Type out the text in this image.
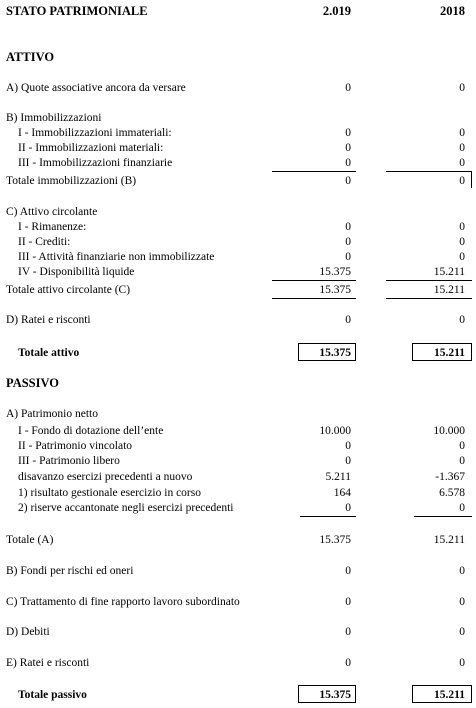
STATO PATRIMONIALE	2.019	2018
ATTIVO
A) Quote associative ancora da versare	0	0
B) Immobilizzazioni
I - Immobilizzazioni immateriali:	0	0
II - Immobilizzazioni materiali:	0	0
III - Immobilizzazioni finanziarie	0	0
Totale immobilizzazioni (B)	0	0
C) Attivo circolante
I - Rimanenze:	0	0
II - Crediti:	0	0
III - Attività finanziarie non immobilizzate	0	0
IV - Disponibilità liquide	15.375	15.211
Totale attivo circolante (C)	15.375	15.211
D) Ratei e risconti	0	0
Totale attivo	15.375	15.211
PASSIVO
A) Patrimonio netto
I - Fondo di dotazione dell’ente	10.000	10.000
II - Patrimonio vincolato	0	0
III - Patrimonio libero	0	0
disavanzo esercizi precedenti a nuovo	5.211	-1.367
1) risultato gestionale esercizio in corso	164	6.578
2) riserve accantonate negli esercizi precedenti	0	0
Totale (A)	15.375	15.211
B) Fondi per rischi ed oneri	0	0
C) Trattamento di fine rapporto lavoro subordinato	0	0
D) Debiti	0	0
E) Ratei e risconti	0	0
Totale passivo	15.375	15.211
